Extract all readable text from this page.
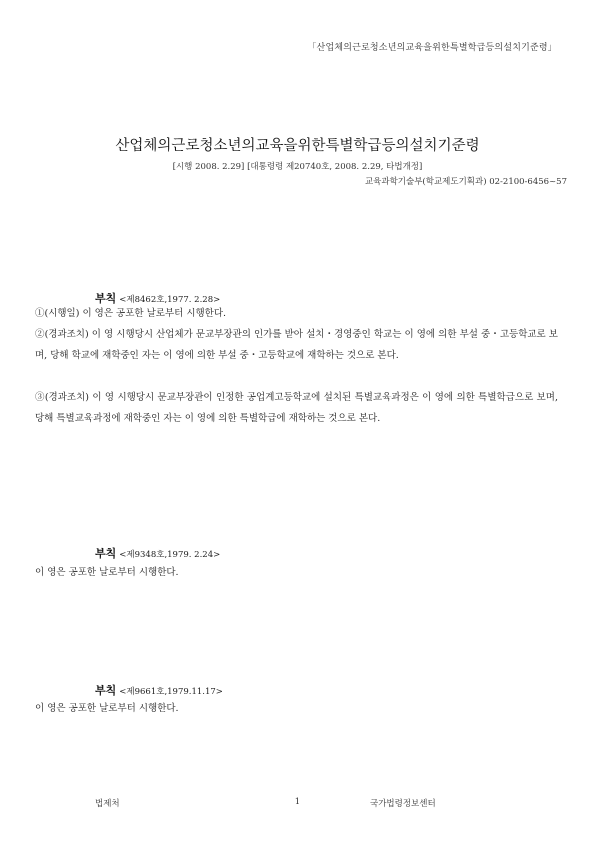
「산업체의근로청소년의교육을위한특별학급등의설치기준령」
산업체의근로청소년의교육을위한특별학급등의설치기준령
[시행 2008. 2.29] [대통령령 제20740호, 2008. 2.29, 타법개정]
교육과학기술부(학교제도기획과) 02-2100-6456~57
부칙 <제8462호,1977. 2.28>
①(시행일) 이 영은 공포한 날로부터 시행한다.
②(경과조치) 이 영 시행당시 산업체가 문교부장관의 인가를 받아 설치・경영중인 학교는 이 영에 의한 부설 중・고등학교로 보며, 당해 학교에 재학중인 자는 이 영에 의한 부설 중・고등학교에 재학하는 것으로 본다.
③(경과조치) 이 영 시행당시 문교부장관이 인정한 공업계고등학교에 설치된 특별교육과정은 이 영에 의한 특별학급으로 보며, 당해 특별교육과정에 재학중인 자는 이 영에 의한 특별학급에 재학하는 것으로 본다.
부칙 <제9348호,1979. 2.24>
이 영은 공포한 날로부터 시행한다.
부칙 <제9661호,1979.11.17>
이 영은 공포한 날로부터 시행한다.
법제처	1	국가법령정보센터
